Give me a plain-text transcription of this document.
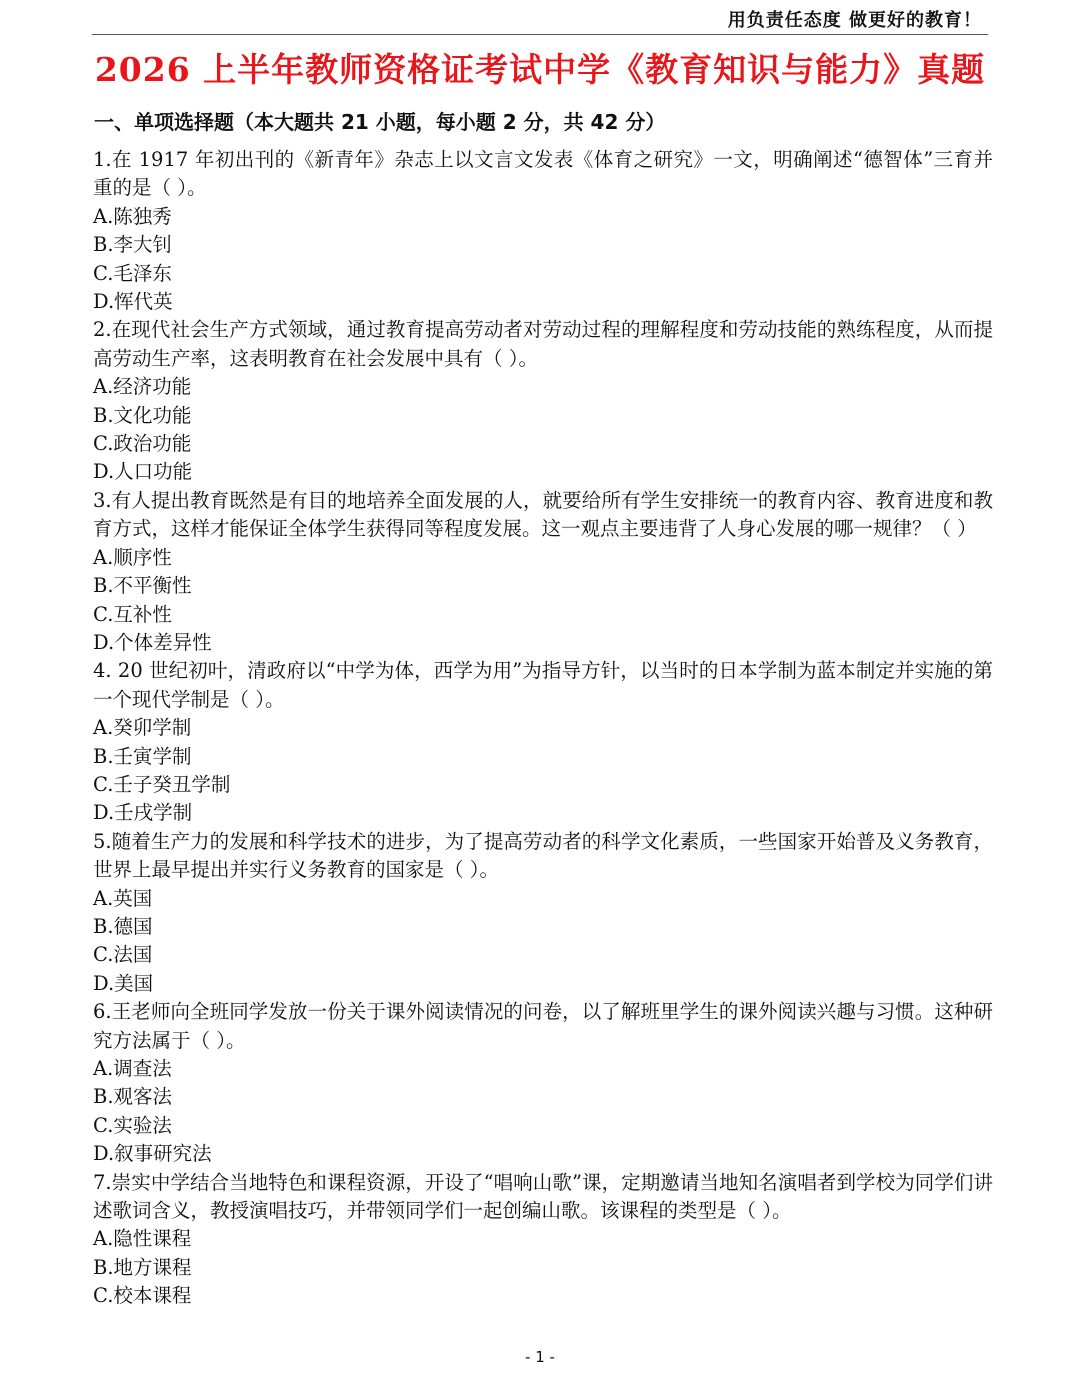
用负责任态度 做更好的教育！
2026 上半年教师资格证考试中学《教育知识与能力》真题
一、单项选择题（本大题共 21 小题，每小题 2 分，共 42 分）

1.在 1917 年初出刊的《新青年》杂志上以文言文发表《体育之研究》一文，明确阐述“德智体”三育并重的是（ ）。

A.陈独秀

B.李大钊

C.毛泽东

D.恽代英

2.在现代社会生产方式领域，通过教育提高劳动者对劳动过程的理解程度和劳动技能的熟练程度，从而提高劳动生产率，这表明教育在社会发展中具有（ ）。

A.经济功能

B.文化功能

C.政治功能

D.人口功能

3.有人提出教育既然是有目的地培养全面发展的人，就要给所有学生安排统一的教育内容、教育进度和教育方式，这样才能保证全体学生获得同等程度发展。这一观点主要违背了人身心发展的哪一规律？（ ）

A.顺序性

B.不平衡性

C.互补性

D.个体差异性

4. 20 世纪初叶，清政府以“中学为体，西学为用”为指导方针，以当时的日本学制为蓝本制定并实施的第一个现代学制是（ ）。

A.癸卯学制

B.壬寅学制

C.壬子癸丑学制

D.壬戌学制

5.随着生产力的发展和科学技术的进步，为了提高劳动者的科学文化素质，一些国家开始普及义务教育，世界上最早提出并实行义务教育的国家是（ ）。

A.英国

B.德国

C.法国

D.美国

6.王老师向全班同学发放一份关于课外阅读情况的问卷，以了解班里学生的课外阅读兴趣与习惯。这种研究方法属于（ ）。

A.调查法

B.观客法

C.实验法

D.叙事研究法

7.崇实中学结合当地特色和课程资源，开设了“唱响山歌”课，定期邀请当地知名演唱者到学校为同学们讲述歌词含义，教授演唱技巧，并带领同学们一起创编山歌。该课程的类型是（ ）。

A.隐性课程

B.地方课程

C.校本课程

- 1 -
